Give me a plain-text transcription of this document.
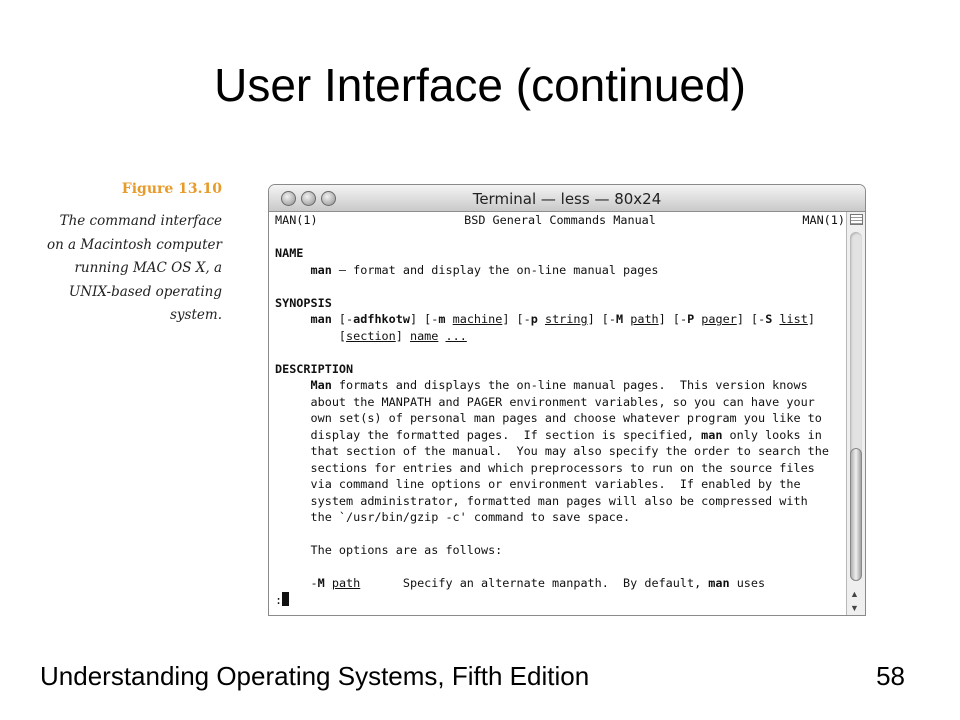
User Interface (continued)
Figure 13.10
The command interface on a Macintosh computer running MAC OS X, a UNIX-based operating system.
Terminal — less — 80x24
MAN(1)	BSD General Commands Manual	MAN(1)
NAME
man – format and display the on-line manual pages
SYNOPSIS
man [-adfhkotw] [-m machine] [-p string] [-M path] [-P pager] [-S list]
[section] name ...
DESCRIPTION
Man formats and displays the on-line manual pages.  This version knows
about the MANPATH and PAGER environment variables, so you can have your
own set(s) of personal man pages and choose whatever program you like to
display the formatted pages.  If section is specified, man only looks in
that section of the manual.  You may also specify the order to search the
sections for entries and which preprocessors to run on the source files
via command line options or environment variables.  If enabled by the
system administrator, formatted man pages will also be compressed with
the `/usr/bin/gzip -c' command to save space.
The options are as follows:
-M path      Specify an alternate manpath.  By default, man uses
:	▲
▼
Understanding Operating Systems, Fifth Edition	58
